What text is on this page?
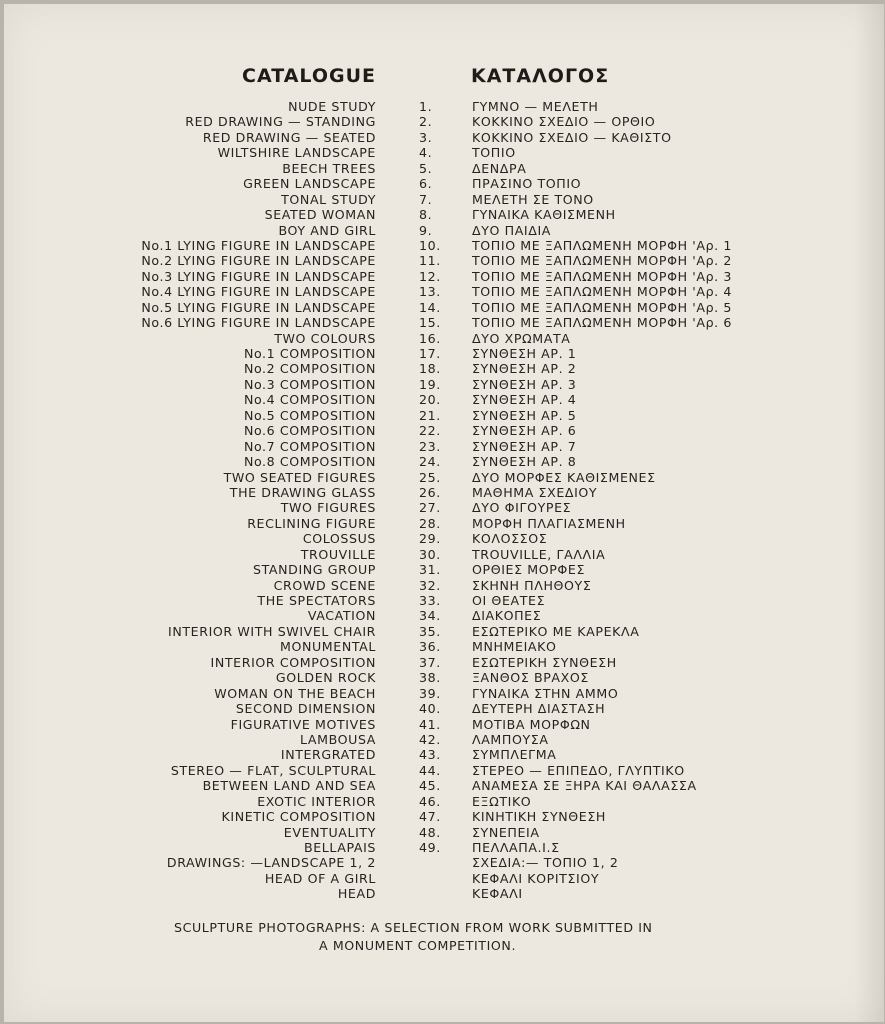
CATALOGUE	ΚΑΤΑΛΟΓΟΣ
NUDE STUDY	1.	ΓΥΜΝΟ — ΜΕΛΕΤΗ
RED DRAWING — STANDING	2.	ΚΟΚΚΙΝΟ ΣΧΕΔΙΟ — ΟΡΘΙΟ
RED DRAWING — SEATED	3.	ΚΟΚΚΙΝΟ ΣΧΕΔΙΟ — ΚΑΘΙΣΤΟ
WILTSHIRE LANDSCAPE	4.	ΤΟΠΙΟ
BEECH TREES	5.	ΔΕΝΔΡΑ
GREEN LANDSCAPE	6.	ΠΡΑΣΙΝΟ ΤΟΠΙΟ
TONAL STUDY	7.	ΜΕΛΕΤΗ ΣΕ ΤΟΝΟ
SEATED WOMAN	8.	ΓΥΝΑΙΚΑ ΚΑΘΙΣΜΕΝΗ
BOY AND GIRL	9.	ΔΥΟ ΠΑΙΔΙΑ
No.1 LYING FIGURE IN LANDSCAPE	10. ΤΟΠΙΟ ΜΕ ΞΑΠΛΩΜΕΝΗ ΜΟΡΦΗ 'Αρ. 1
No.2 LYING FIGURE IN LANDSCAPE	11. ΤΟΠΙΟ ΜΕ ΞΑΠΛΩΜΕΝΗ ΜΟΡΦΗ 'Αρ. 2
No.3 LYING FIGURE IN LANDSCAPE	12. ΤΟΠΙΟ ΜΕ ΞΑΠΛΩΜΕΝΗ ΜΟΡΦΗ 'Αρ. 3
No.4 LYING FIGURE IN LANDSCAPE	13. ΤΟΠΙΟ ΜΕ ΞΑΠΛΩΜΕΝΗ ΜΟΡΦΗ 'Αρ. 4
No.5 LYING FIGURE IN LANDSCAPE	14. ΤΟΠΙΟ ΜΕ ΞΑΠΛΩΜΕΝΗ ΜΟΡΦΗ 'Αρ. 5
No.6 LYING FIGURE IN LANDSCAPE	15. ΤΟΠΙΟ ΜΕ ΞΑΠΛΩΜΕΝΗ ΜΟΡΦΗ 'Αρ. 6
TWO COLOURS	16. ΔΥΟ ΧΡΩΜΑΤΑ
No.1 COMPOSITION	17. ΣΥΝΘΕΣΗ ΑΡ. 1
No.2 COMPOSITION	18. ΣΥΝΘΕΣΗ ΑΡ. 2
No.3 COMPOSITION	19. ΣΥΝΘΕΣΗ ΑΡ. 3
No.4 COMPOSITION	20. ΣΥΝΘΕΣΗ ΑΡ. 4
No.5 COMPOSITION	21. ΣΥΝΘΕΣΗ ΑΡ. 5
No.6 COMPOSITION	22. ΣΥΝΘΕΣΗ ΑΡ. 6
No.7 COMPOSITION	23. ΣΥΝΘΕΣΗ ΑΡ. 7
No.8 COMPOSITION	24. ΣΥΝΘΕΣΗ ΑΡ. 8
TWO SEATED FIGURES	25. ΔΥΟ ΜΟΡΦΕΣ ΚΑΘΙΣΜΕΝΕΣ
THE DRAWING GLASS	26. ΜΑΘΗΜΑ ΣΧΕΔΙΟΥ
TWO FIGURES	27. ΔΥΟ ΦΙΓΟΥΡΕΣ
RECLINING FIGURE	28. ΜΟΡΦΗ ΠΛΑΓΙΑΣΜΕΝΗ
COLOSSUS	29. ΚΟΛΟΣΣΟΣ
TROUVILLE	30. TROUVILLE, ΓΑΛΛΙΑ
STANDING GROUP	31. ΟΡΘΙΕΣ ΜΟΡΦΕΣ
CROWD SCENE	32. ΣΚΗΝΗ ΠΛΗΘΟΥΣ
THE SPECTATORS	33. ΟΙ ΘΕΑΤΕΣ
VACATION	34. ΔΙΑΚΟΠΕΣ
INTERIOR WITH SWIVEL CHAIR	35. ΕΣΩΤΕΡΙΚΟ ΜΕ ΚΑΡΕΚΛΑ
MONUMENTAL	36. ΜΝΗΜΕΙΑΚΟ
INTERIOR COMPOSITION	37. ΕΣΩΤΕΡΙΚΗ ΣΥΝΘΕΣΗ
GOLDEN ROCK	38. ΞΑΝΘΟΣ ΒΡΑΧΟΣ
WOMAN ON THE BEACH	39. ΓΥΝΑΙΚΑ ΣΤΗΝ ΑΜΜΟ
SECOND DIMENSION	40. ΔΕΥΤΕΡΗ ΔΙΑΣΤΑΣΗ
FIGURATIVE MOTIVES	41. ΜΟΤΙΒΑ ΜΟΡΦΩΝ
LAMBOUSA	42. ΛΑΜΠΟΥΣΑ
INTERGRATED	43. ΣΥΜΠΛΕΓΜΑ
STEREO — FLAT, SCULPTURAL	44. ΣΤΕΡΕΟ — ΕΠΙΠΕΔΟ, ΓΛΥΠΤΙΚΟ
BETWEEN LAND AND SEA	45. ΑΝΑΜΕΣΑ ΣΕ ΞΗΡΑ ΚΑΙ ΘΑΛΑΣΣΑ
EXOTIC INTERIOR	46. ΕΞΩΤΙΚΟ
KINETIC COMPOSITION	47. ΚΙΝΗΤΙΚΗ ΣΥΝΘΕΣΗ
EVENTUALITY	48. ΣΥΝΕΠΕΙΑ
BELLAPAIS	49. ΠΕΛΛΑΠΑ.Ι.Σ
DRAWINGS: —LANDSCAPE 1, 2	ΣΧΕΔΙΑ:— ΤΟΠΙΟ 1, 2
HEAD OF A GIRL	ΚΕΦΑΛΙ ΚΟΡΙΤΣΙΟΥ
HEAD	ΚΕΦΑΛΙ
SCULPTURE PHOTOGRAPHS: A SELECTION FROM WORK SUBMITTED IN
A MONUMENT COMPETITION.
